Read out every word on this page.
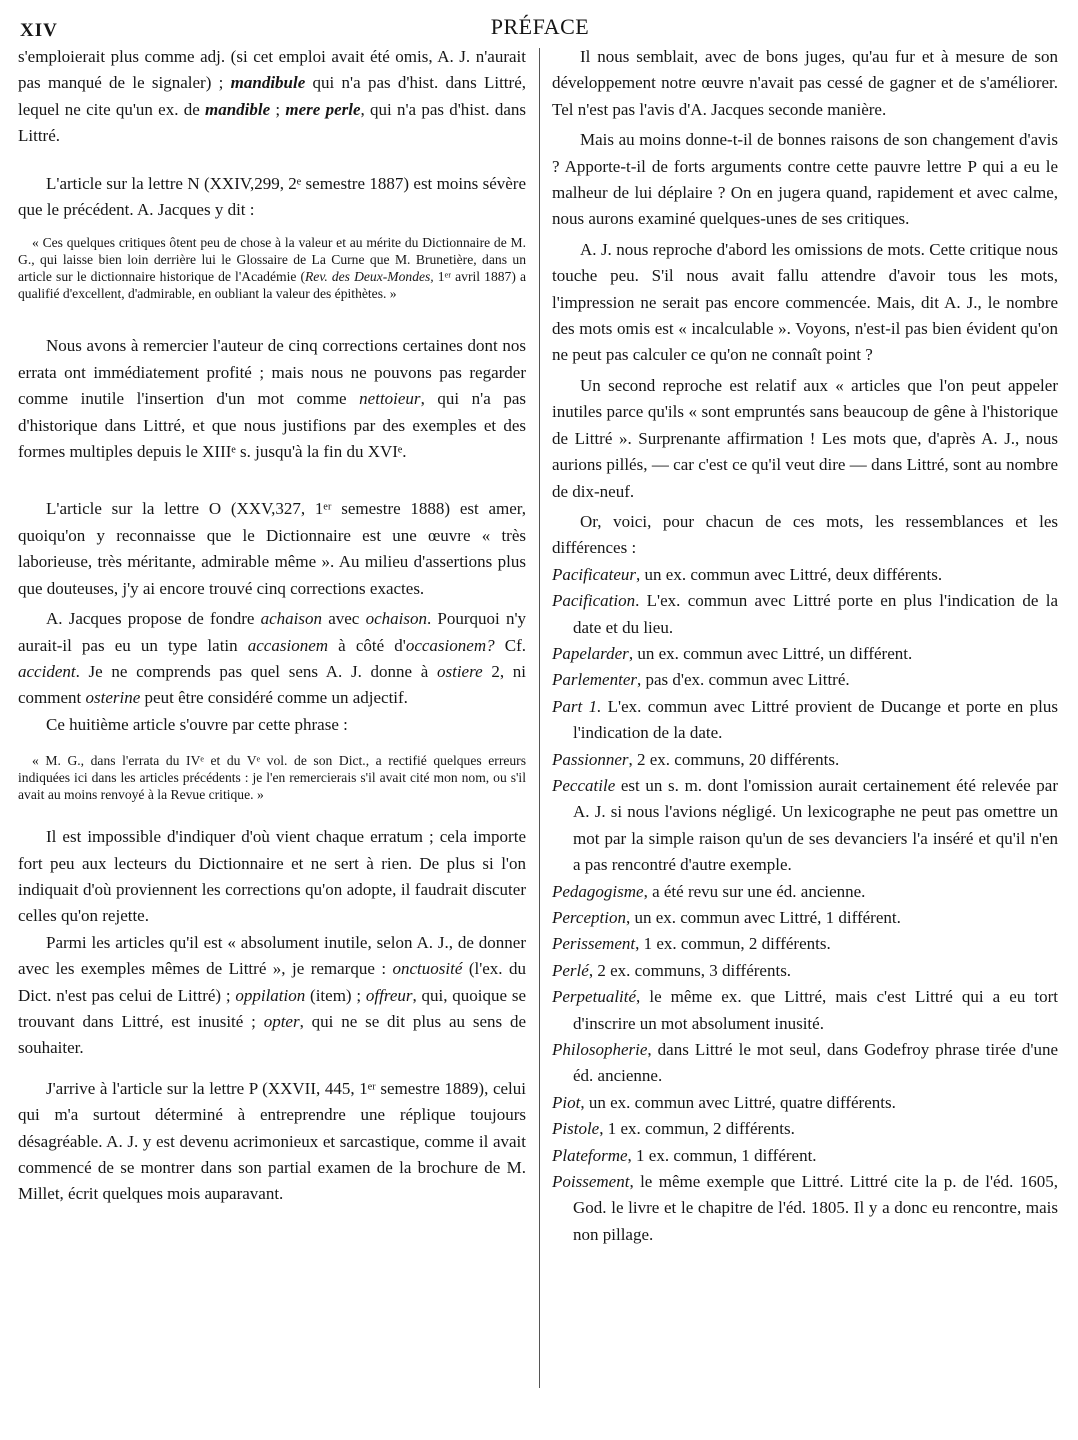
XIV	PRÉFACE

s'emploierait plus comme adj. (si cet emploi avait été omis, A. J. n'aurait pas manqué de le signaler) ; mandibule qui n'a pas d'hist. dans Littré, lequel ne cite qu'un ex. de mandible ; mere perle, qui n'a pas d'hist. dans Littré.

L'article sur la lettre N (XXIV,299, 2ᵉ semestre 1887) est moins sévère que le précédent. A. Jacques y dit :

« Ces quelques critiques ôtent peu de chose à la valeur et au mérite du Dictionnaire de M. G., qui laisse bien loin derrière lui le Glossaire de La Curne que M. Brunetière, dans un article sur le dictionnaire historique de l'Académie (Rev. des Deux-Mondes, 1ᵉʳ avril 1887) a qualifié d'excellent, d'admirable, en oubliant la valeur des épithètes. »

Nous avons à remercier l'auteur de cinq corrections certaines dont nos errata ont immédiatement profité ; mais nous ne pouvons pas regarder comme inutile l'insertion d'un mot comme nettoieur, qui n'a pas d'historique dans Littré, et que nous justifions par des exemples et des formes multiples depuis le XIIIᵉ s. jusqu'à la fin du XVIᵉ.

L'article sur la lettre O (XXV,327, 1ᵉʳ semestre 1888) est amer, quoiqu'on y reconnaisse que le Dictionnaire est une œuvre « très laborieuse, très méritante, admirable même ». Au milieu d'assertions plus que douteuses, j'y ai encore trouvé cinq corrections exactes.

A. Jacques propose de fondre achaison avec ochaison. Pourquoi n'y aurait-il pas eu un type latin accasionem à côté d'occasionem? Cf. accident. Je ne comprends pas quel sens A. J. donne à ostiere 2, ni comment osterine peut être considéré comme un adjectif.

Ce huitième article s'ouvre par cette phrase :

« M. G., dans l'errata du IVᵉ et du Vᵉ vol. de son Dict., a rectifié quelques erreurs indiquées ici dans les articles précédents : je l'en remercierais s'il avait cité mon nom, ou s'il avait au moins renvoyé à la Revue critique. »

Il est impossible d'indiquer d'où vient chaque erratum ; cela importe fort peu aux lecteurs du Dictionnaire et ne sert à rien. De plus si l'on indiquait d'où proviennent les corrections qu'on adopte, il faudrait discuter celles qu'on rejette.

Parmi les articles qu'il est « absolument inutile, selon A. J., de donner avec les exemples mêmes de Littré », je remarque : onctuosité (l'ex. du Dict. n'est pas celui de Littré) ; oppilation (item) ; offreur, qui, quoique se trouvant dans Littré, est inusité ; opter, qui ne se dit plus au sens de souhaiter.

J'arrive à l'article sur la lettre P (XXVII, 445, 1ᵉʳ semestre 1889), celui qui m'a surtout déterminé à entreprendre une réplique toujours désagréable. A. J. y est devenu acrimonieux et sarcastique, comme il avait commencé de se montrer dans son partial examen de la brochure de M. Millet, écrit quelques mois auparavant.

Il nous semblait, avec de bons juges, qu'au fur et à mesure de son développement notre œuvre n'avait pas cessé de gagner et de s'améliorer. Tel n'est pas l'avis d'A. Jacques seconde manière.

Mais au moins donne-t-il de bonnes raisons de son changement d'avis ? Apporte-t-il de forts arguments contre cette pauvre lettre P qui a eu le malheur de lui déplaire ? On en jugera quand, rapidement et avec calme, nous aurons examiné quelques-unes de ses critiques.

A. J. nous reproche d'abord les omissions de mots. Cette critique nous touche peu. S'il nous avait fallu attendre d'avoir tous les mots, l'impression ne serait pas encore commencée. Mais, dit A. J., le nombre des mots omis est « incalculable ». Voyons, n'est-il pas bien évident qu'on ne peut pas calculer ce qu'on ne connaît point ?

Un second reproche est relatif aux « articles que l'on peut appeler inutiles parce qu'ils « sont empruntés sans beaucoup de gêne à l'historique de Littré ». Surprenante affirmation ! Les mots que, d'après A. J., nous aurions pillés, — car c'est ce qu'il veut dire — dans Littré, sont au nombre de dix-neuf.

Or, voici, pour chacun de ces mots, les ressemblances et les différences :

Pacificateur, un ex. commun avec Littré, deux différents.

Pacification. L'ex. commun avec Littré porte en plus l'indication de la date et du lieu.

Papelarder, un ex. commun avec Littré, un différent.

Parlementer, pas d'ex. commun avec Littré.

Part 1. L'ex. commun avec Littré provient de Ducange et porte en plus l'indication de la date.

Passionner, 2 ex. communs, 20 différents.

Peccatile est un s. m. dont l'omission aurait certainement été relevée par A. J. si nous l'avions négligé. Un lexicographe ne peut pas omettre un mot par la simple raison qu'un de ses devanciers l'a inséré et qu'il n'en a pas rencontré d'autre exemple.

Pedagogisme, a été revu sur une éd. ancienne.

Perception, un ex. commun avec Littré, 1 différent.

Perissement, 1 ex. commun, 2 différents.

Perlé, 2 ex. communs, 3 différents.

Perpetualité, le même ex. que Littré, mais c'est Littré qui a eu tort d'inscrire un mot absolument inusité.

Philosopherie, dans Littré le mot seul, dans Godefroy phrase tirée d'une éd. ancienne.

Piot, un ex. commun avec Littré, quatre différents.

Pistole, 1 ex. commun, 2 différents.

Plateforme, 1 ex. commun, 1 différent.

Poissement, le même exemple que Littré. Littré cite la p. de l'éd. 1605, God. le livre et le chapitre de l'éd. 1805. Il y a donc eu rencontre, mais non pillage.
